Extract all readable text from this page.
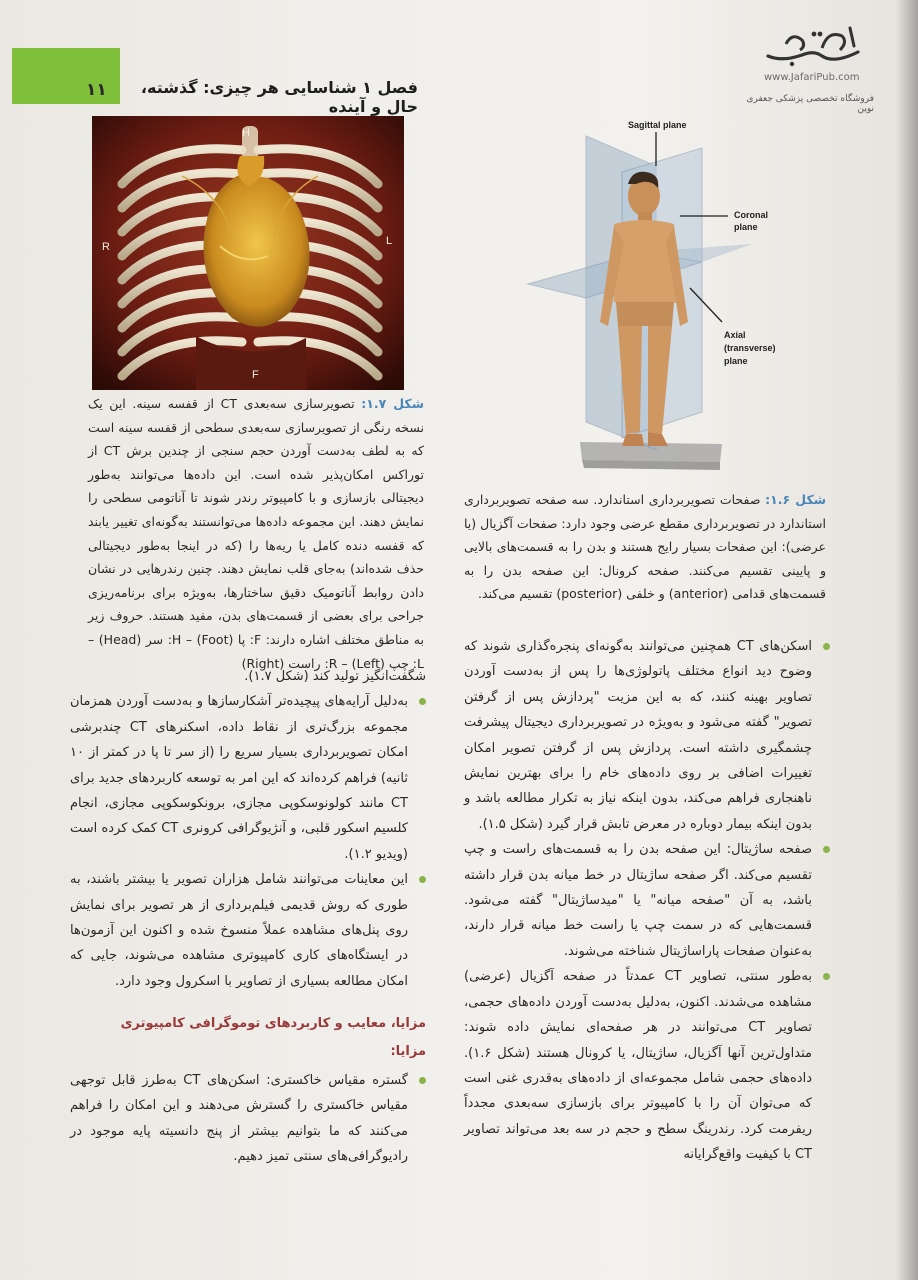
۱۱	فصل ۱ شناسایی هر چیزی: گذشته، حال و آینده
www.JafariPub.com
فروشگاه تخصصی پزشکی جعفری نوین
H
R	L
F
Sagittal plane
Coronal
plane
Axial
(transverse)
plane
شکل ۱.۷: تصویرسازی سه‌بعدی CT از قفسه سینه. این یک نسخه رنگی از تصویرسازی سه‌بعدی سطحی از قفسه سینه است که به لطف به‌دست آوردن حجم سنجی از چندین برش CT از توراکس امکان‌پذیر شده است. این داده‌ها می‌توانند به‌طور دیجیتالی بازسازی و با کامپیوتر رندر شوند تا آناتومی سطحی را نمایش دهند. این مجموعه داده‌ها می‌توانستند به‌گونه‌ای تغییر یابند که قفسه دنده کامل یا ریه‌ها را (که در اینجا به‌طور دیجیتالی حذف شده‌اند) به‌جای قلب نمایش دهند. چنین رندرهایی در نشان دادن روابط آناتومیک دقیق ساختارها، به‌ویژه برای برنامه‌ریزی جراحی برای بعضی از قسمت‌های بدن، مفید هستند. حروف زیر به مناطق مختلف اشاره دارند: F: پا (Foot) – H: سر (Head) – L: چپ (Left) – R: راست (Right)
شکل ۱.۶: صفحات تصویربرداری استاندارد. سه صفحه تصویربرداری استاندارد در تصویربرداری مقطع عرضی وجود دارد: صفحات آگزیال (یا عرضی): این صفحات بسیار رایج هستند و بدن را به قسمت‌های بالایی و پایینی تقسیم می‌کنند. صفحه کرونال: این صفحه بدن را به قسمت‌های قدامی (anterior) و خلفی (posterior) تقسیم می‌کند.

شگفت‌انگیز تولید کند (شکل ۱.۷).

به‌دلیل آرایه‌های پیچیده‌تر آشکارسازها و به‌دست آوردن همزمان مجموعه بزرگ‌تری از نقاط داده، اسکنرهای CT چندبرشی امکان تصویربرداری بسیار سریع را (از سر تا پا در کمتر از ۱۰ ثانیه) فراهم کرده‌اند که این امر به توسعه کاربردهای جدید برای CT مانند کولونوسکوپی مجازی، برونکوسکوپی مجازی، انجام کلسیم اسکور قلبی، و آنژیوگرافی کرونری CT کمک کرده است (ویدیو ۱.۲).
این معاینات می‌توانند شامل هزاران تصویر یا بیشتر باشند، به طوری که روش قدیمی فیلم‌برداری از هر تصویر برای نمایش روی پنل‌های مشاهده عملاً منسوخ شده و اکنون این آزمون‌ها در ایستگاه‌های کاری کامپیوتری مشاهده می‌شوند، جایی که امکان مطالعه بسیاری از تصاویر با اسکرول وجود دارد.
مزایا، معایب و کاربردهای توموگرافی کامپیوتری
مزایا:
گستره مقیاس خاکستری: اسکن‌های CT به‌طرز قابل توجهی مقیاس خاکستری را گسترش می‌دهند و این امکان را فراهم می‌کنند که ما بتوانیم بیشتر از پنج دانسیته پایه موجود در رادیوگرافی‌های سنتی تمیز دهیم.
اسکن‌های CT همچنین می‌توانند به‌گونه‌ای پنجره‌گذاری شوند که وضوح دید انواع مختلف پاتولوژی‌ها را پس از به‌دست آوردن تصاویر بهینه کنند، که به این مزیت "پردازش پس از گرفتن تصویر" گفته می‌شود و به‌ویژه در تصویربرداری دیجیتال پیشرفت چشمگیری داشته است. پردازش پس از گرفتن تصویر امکان تغییرات اضافی بر روی داده‌های خام را برای بهترین نمایش ناهنجاری فراهم می‌کند، بدون اینکه نیاز به تکرار مطالعه باشد و بدون اینکه بیمار دوباره در معرض تابش قرار گیرد (شکل ۱.۵).
صفحه ساژیتال: این صفحه بدن را به قسمت‌های راست و چپ تقسیم می‌کند. اگر صفحه ساژیتال در خط میانه بدن قرار داشته باشد، به آن "صفحه میانه" یا "میدساژیتال" گفته می‌شود. قسمت‌هایی که در سمت چپ یا راست خط میانه قرار دارند، به‌عنوان صفحات پاراساژیتال شناخته می‌شوند.
به‌طور سنتی، تصاویر CT عمدتاً در صفحه آگزیال (عرضی) مشاهده می‌شدند. اکنون، به‌دلیل به‌دست آوردن داده‌های حجمی، تصاویر CT می‌توانند در هر صفحه‌ای نمایش داده شوند: متداول‌ترین آنها آگزیال، ساژیتال، یا کرونال هستند (شکل ۱.۶). داده‌های حجمی شامل مجموعه‌ای از داده‌های به‌قدری غنی است که می‌توان آن را با کامپیوتر برای بازسازی سه‌بعدی مجدداً ریفرمت کرد. رندرینگ سطح و حجم در سه بعد می‌تواند تصاویر CT با کیفیت واقع‌گرایانه
